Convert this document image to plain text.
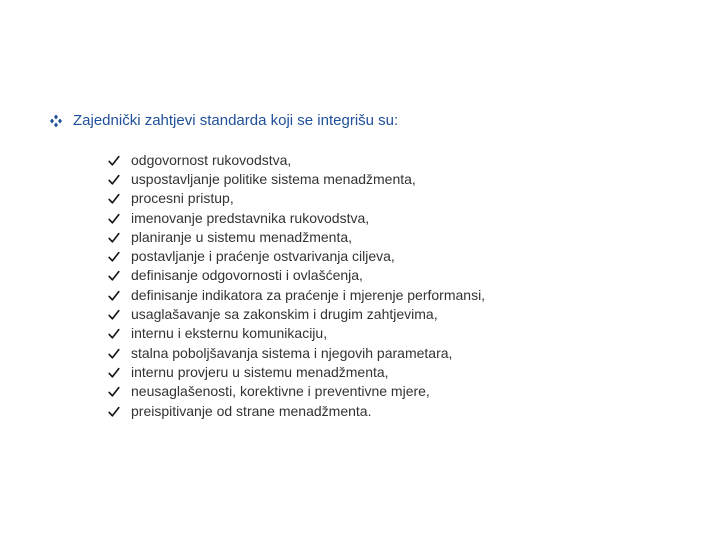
Zajednički zahtjevi standarda koji se integrišu su:
odgovornost rukovodstva,
uspostavljanje politike sistema menadžmenta,
procesni pristup,
imenovanje predstavnika rukovodstva,
planiranje u sistemu menadžmenta,
postavljanje i praćenje ostvarivanja ciljeva,
definisanje odgovornosti i ovlašćenja,
definisanje indikatora za praćenje i mjerenje performansi,
usaglašavanje sa zakonskim i drugim zahtjevima,
internu i eksternu komunikaciju,
stalna poboljšavanja sistema i njegovih parametara,
internu provjeru u sistemu menadžmenta,
neusaglašenosti, korektivne i preventivne mjere,
preispitivanje od strane menadžmenta.
